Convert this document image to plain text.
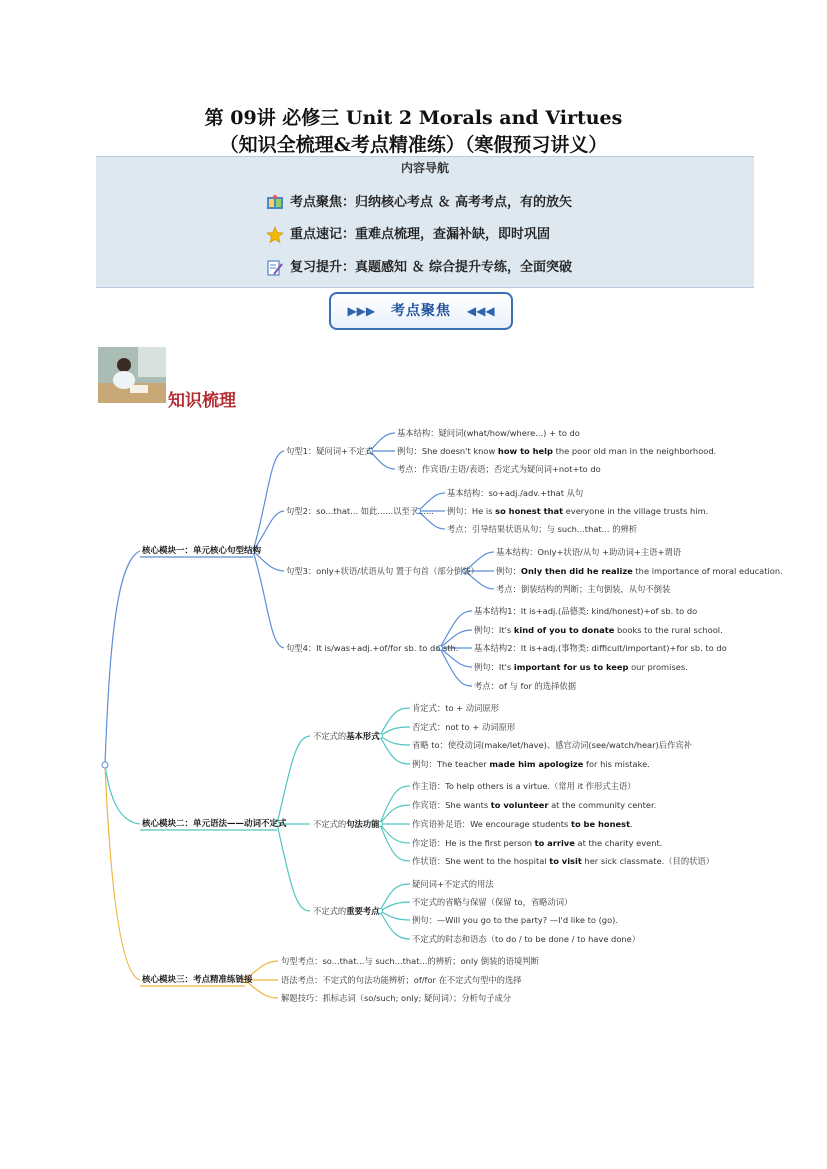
第 09讲 必修三 Unit 2 Morals and Virtues
（知识全梳理&考点精准练）（寒假预习讲义）
内容导航
考点聚焦：归纳核心考点 ＆ 高考考点，有的放矢
重点速记：重难点梳理，查漏补缺，即时巩固
复习提升：真题感知 ＆ 综合提升专练，全面突破
▶▶▶ 考点聚焦 ◀◀◀
知识梳理
核心模块一：单元核心句型结构
句型1：疑问词+不定式
基本结构：疑问词(what/how/where...) + to do
例句：She doesn't know how to help the poor old man in the neighborhood.
考点：作宾语/主语/表语；否定式为疑问词+not+to do
句型2：so...that... 如此......以至于......
基本结构：so+adj./adv.+that 从句
例句：He is so honest that everyone in the village trusts him.
考点：引导结果状语从句；与 such...that... 的辨析
句型3：only+状语/状语从句 置于句首（部分倒装）
基本结构：Only+状语/从句 +助动词+主语+谓语
例句：Only then did he realize the importance of moral education.
考点：倒装结构的判断；主句倒装，从句不倒装
句型4：It is/was+adj.+of/for sb. to do sth.
基本结构1：It is+adj.(品德类: kind/honest)+of sb. to do
例句：It's kind of you to donate books to the rural school.
基本结构2：It is+adj.(事物类: difficult/important)+for sb. to do
例句：It's important for us to keep our promises.
考点：of 与 for 的选择依据
核心模块二：单元语法——动词不定式
不定式的基本形式
肯定式：to + 动词原形
否定式：not to + 动词原形
省略 to：使役动词(make/let/have)、感官动词(see/watch/hear)后作宾补
例句：The teacher made him apologize for his mistake.
不定式的句法功能
作主语：To help others is a virtue.（常用 it 作形式主语）
作宾语：She wants to volunteer at the community center.
作宾语补足语：We encourage students to be honest.
作定语：He is the first person to arrive at the charity event.
作状语：She went to the hospital to visit her sick classmate.（目的状语）
不定式的重要考点
疑问词+不定式的用法
不定式的省略与保留（保留 to，省略动词）
例句：—Will you go to the party? —I'd like to (go).
不定式的时态和语态（to do / to be done / to have done）
核心模块三：考点精准练链接
句型考点：so...that...与 such...that...的辨析；only 倒装的语境判断
语法考点：不定式的句法功能辨析；of/for 在不定式句型中的选择
解题技巧：抓标志词（so/such; only; 疑问词）；分析句子成分
